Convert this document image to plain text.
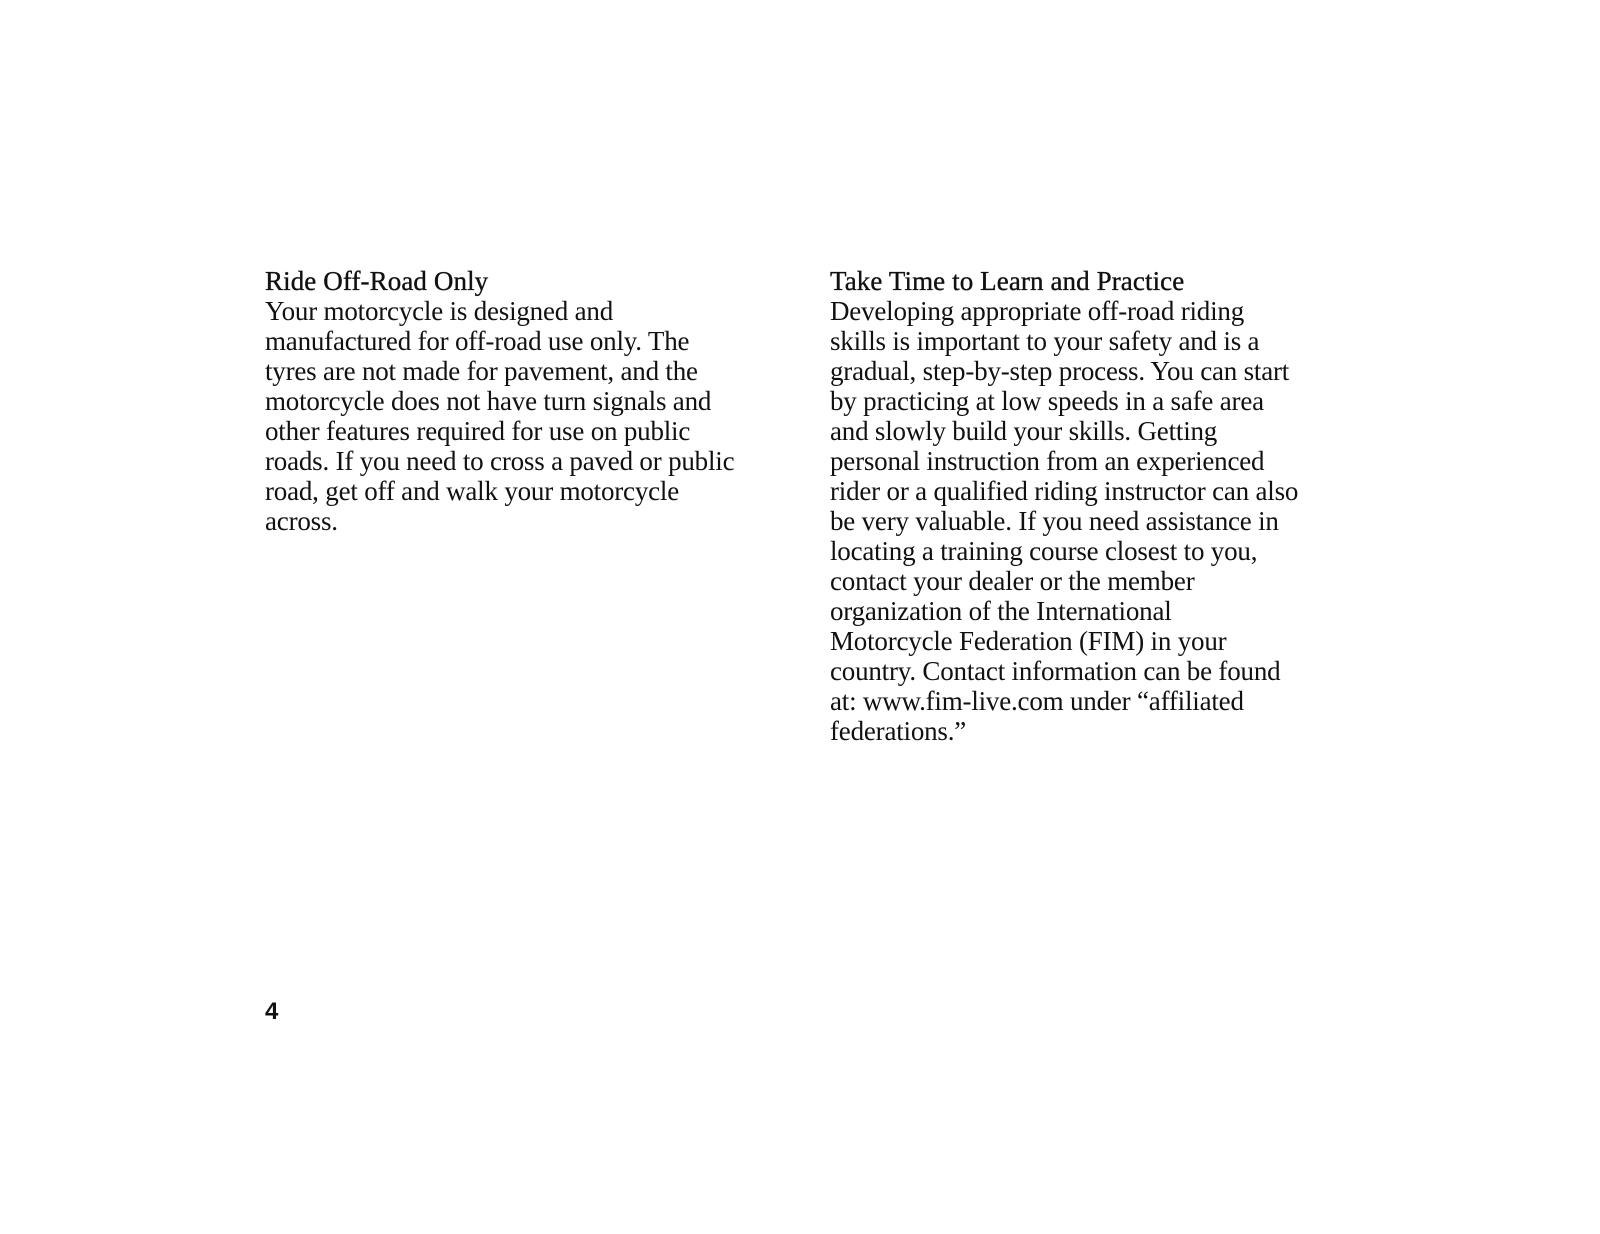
Ride Off-Road Only
Your motorcycle is designed and
manufactured for off-road use only. The
tyres are not made for pavement, and the
motorcycle does not have turn signals and
other features required for use on public
roads. If you need to cross a paved or public
road, get off and walk your motorcycle
across.
Take Time to Learn and Practice
Developing appropriate off-road riding
skills is important to your safety and is a
gradual, step-by-step process. You can start
by practicing at low speeds in a safe area
and slowly build your skills. Getting
personal instruction from an experienced
rider or a qualified riding instructor can also
be very valuable. If you need assistance in
locating a training course closest to you,
contact your dealer or the member
organization of the International
Motorcycle Federation (FIM) in your
country. Contact information can be found
at: www.fim-live.com under “affiliated
federations.”

4
